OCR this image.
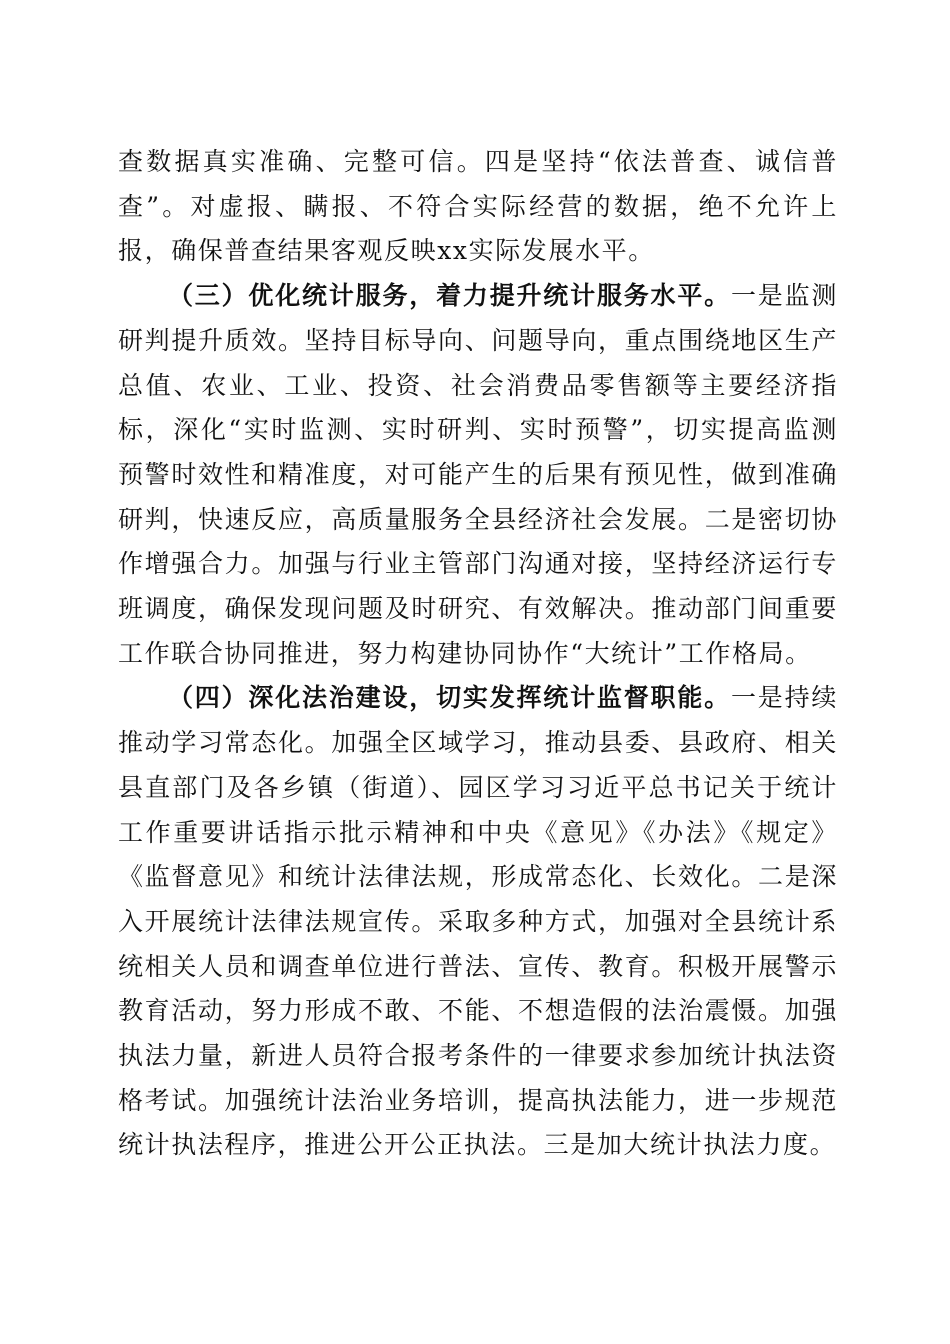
查数据真实准确、完整可信。四是坚持“依法普查、诚信普查”。对虚报、瞒报、不符合实际经营的数据，绝不允许上报，确保普查结果客观反映xx实际发展水平。

（三）优化统计服务，着力提升统计服务水平。一是监测研判提升质效。坚持目标导向、问题导向，重点围绕地区生产总值、农业、工业、投资、社会消费品零售额等主要经济指标，深化“实时监测、实时研判、实时预警”，切实提高监测预警时效性和精准度，对可能产生的后果有预见性，做到准确研判，快速反应，高质量服务全县经济社会发展。二是密切协作增强合力。加强与行业主管部门沟通对接，坚持经济运行专班调度，确保发现问题及时研究、有效解决。推动部门间重要工作联合协同推进，努力构建协同协作“大统计”工作格局。

（四）深化法治建设，切实发挥统计监督职能。一是持续推动学习常态化。加强全区域学习，推动县委、县政府、相关县直部门及各乡镇（街道）、园区学习习近平总书记关于统计工作重要讲话指示批示精神和中央《意见》《办法》《规定》《监督意见》和统计法律法规，形成常态化、长效化。二是深入开展统计法律法规宣传。采取多种方式，加强对全县统计系统相关人员和调查单位进行普法、宣传、教育。积极开展警示教育活动，努力形成不敢、不能、不想造假的法治震慑。加强执法力量，新进人员符合报考条件的一律要求参加统计执法资格考试。加强统计法治业务培训，提高执法能力，进一步规范统计执法程序，推进公开公正执法。三是加大统计执法力度。
